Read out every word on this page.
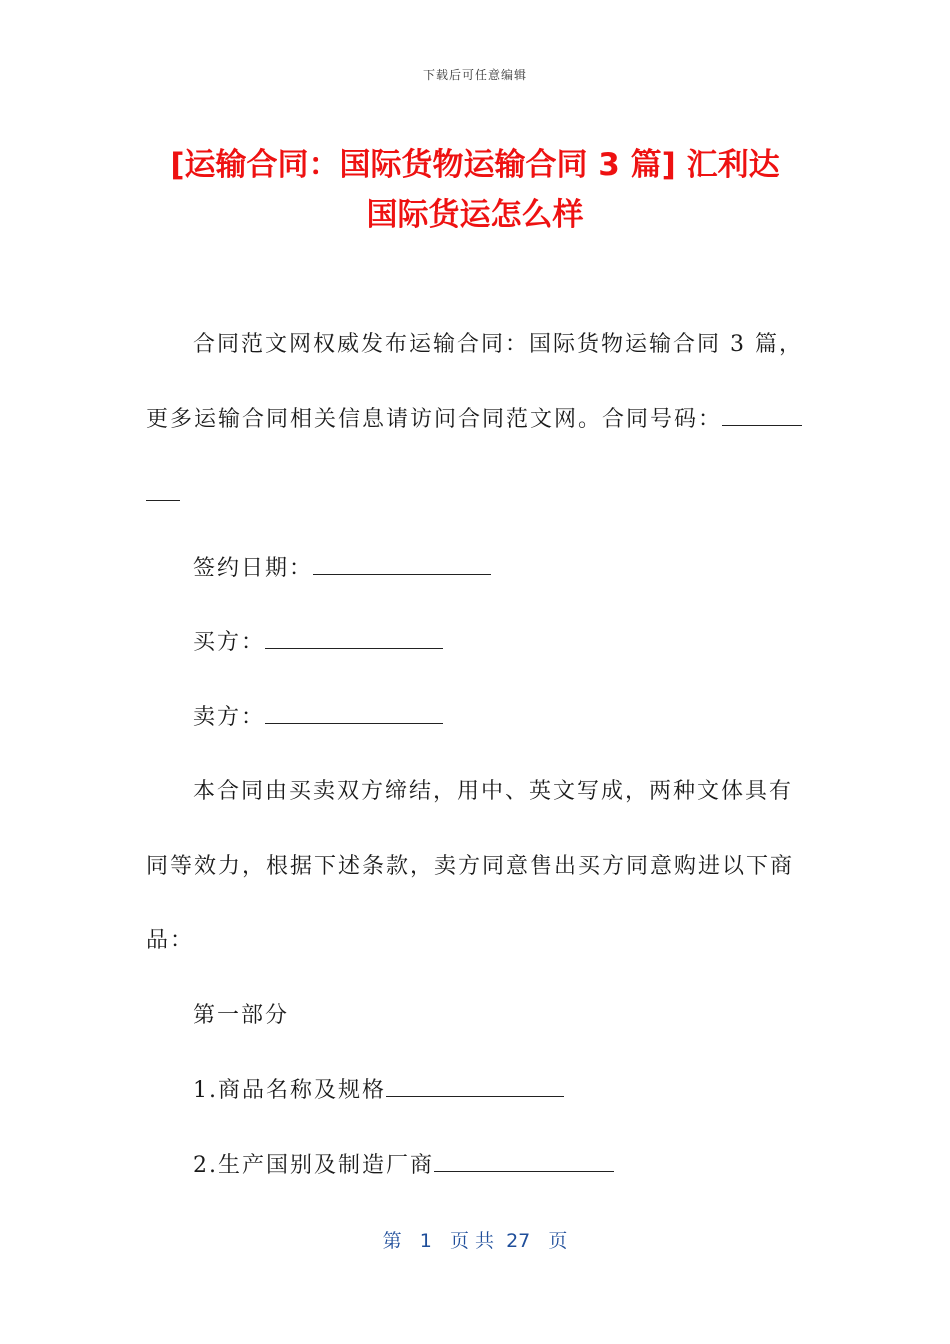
下载后可任意编辑
[运输合同：国际货物运输合同 3 篇] 汇利达
国际货运怎么样

合同范文网权威发布运输合同：国际货物运输合同 3 篇，

更多运输合同相关信息请访问合同范文网。合同号码：

签约日期：

买方：

卖方：

本合同由买卖双方缔结，用中、英文写成，两种文体具有

同等效力，根据下述条款，卖方同意售出买方同意购进以下商

品：

第一部分

1.商品名称及规格

2.生产国别及制造厂商

第 1 页 共 27 页
